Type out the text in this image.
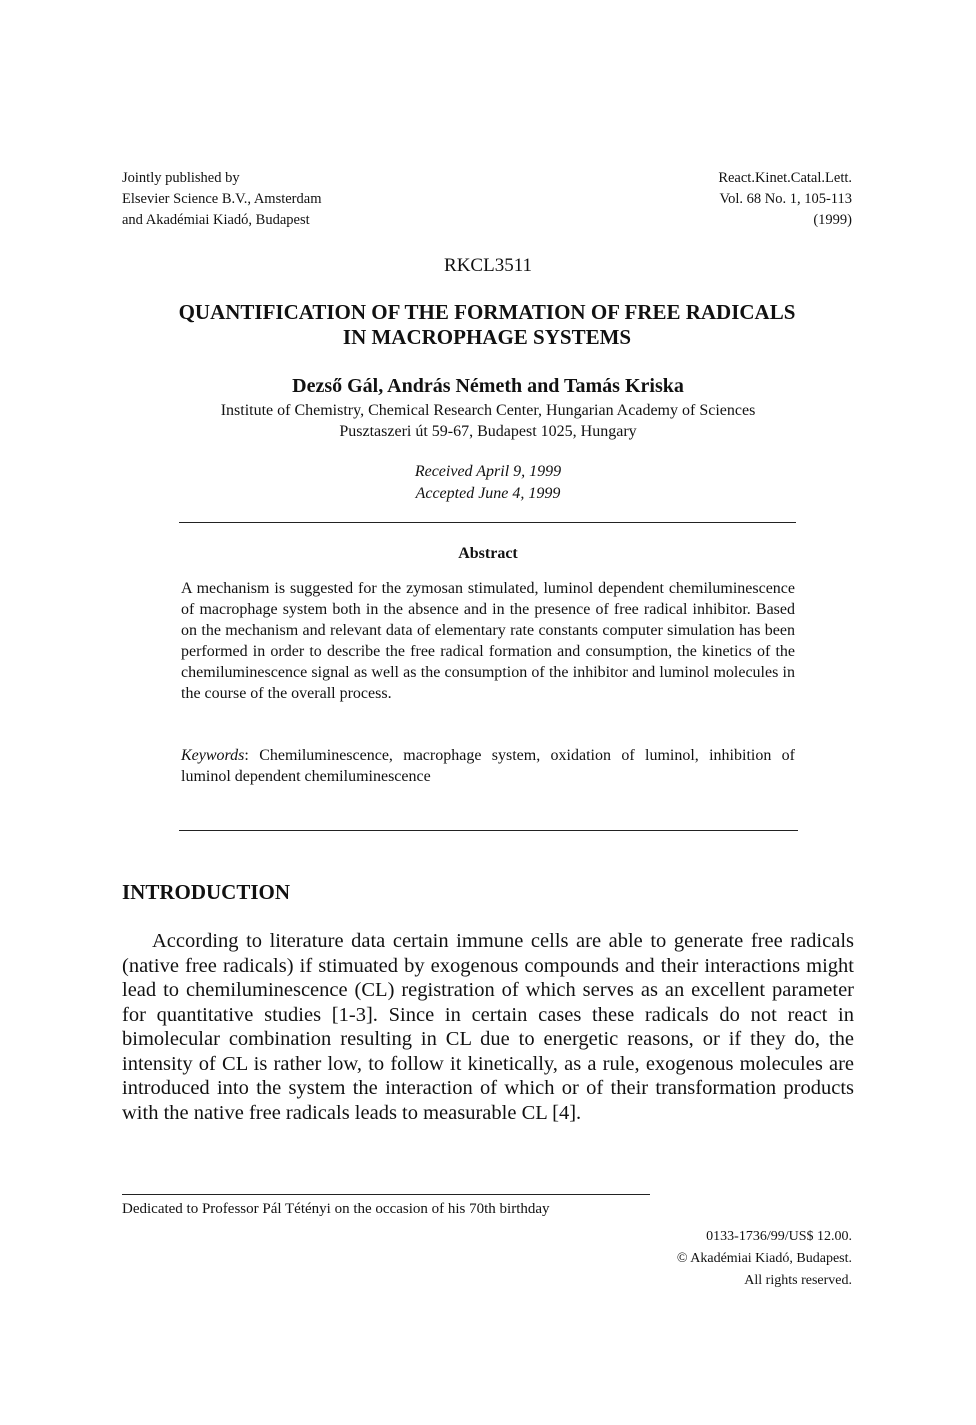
Jointly published by
Elsevier Science B.V., Amsterdam
and Akadémiai Kiadó, Budapest
React.Kinet.Catal.Lett.
Vol. 68 No. 1, 105-113
(1999)
RKCL3511
QUANTIFICATION OF THE FORMATION OF FREE RADICALS
IN MACROPHAGE SYSTEMS
Dezső Gál, András Németh and Tamás Kriska
Institute of Chemistry, Chemical Research Center, Hungarian Academy of Sciences
Pusztaszeri út 59-67, Budapest 1025, Hungary
Received April 9, 1999
Accepted June 4, 1999
Abstract
A mechanism is suggested for the zymosan stimulated, luminol dependent chemiluminescence of macrophage system both in the absence and in the presence of free radical inhibitor. Based on the mechanism and relevant data of elementary rate constants computer simulation has been performed in order to describe the free radical formation and consumption, the kinetics of the chemiluminescence signal as well as the consumption of the inhibitor and luminol molecules in the course of the overall process.
Keywords: Chemiluminescence, macrophage system, oxidation of luminol, inhibition of luminol dependent chemiluminescence
INTRODUCTION
According to literature data certain immune cells are able to generate free radicals (native free radicals) if stimuated by exogenous compounds and their interactions might lead to chemiluminescence (CL) registration of which serves as an excellent parameter for quantitative studies [1-3]. Since in certain cases these radicals do not react in bimolecular combination resulting in CL due to energetic reasons, or if they do, the intensity of CL is rather low, to follow it kinetically, as a rule, exogenous molecules are introduced into the system the interaction of which or of their transformation products with the native free radicals leads to measurable CL [4].
Dedicated to Professor Pál Tétényi on the occasion of his 70th birthday
0133-1736/99/US$ 12.00.
© Akadémiai Kiadó, Budapest.
All rights reserved.
